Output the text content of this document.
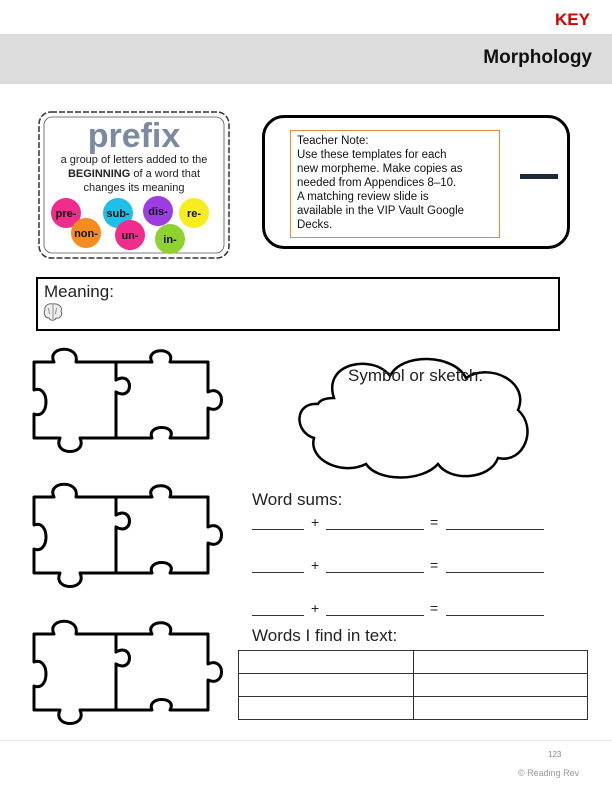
KEY
Morphology
prefix
a group of letters added to the
BEGINNING of a word that
changes its meaning
pre-	sub- dis- re-
non- un- in-

Teacher Note:

Use these templates for each

new morpheme. Make copies as

needed from Appendices 8–10.

A matching review slide is

available in the VIP Vault Google

Decks.

Meaning:
Symbol or sketch:
Word sums:
+	=
+	=
+	=
Words I find in text:

123
© Reading Rev
